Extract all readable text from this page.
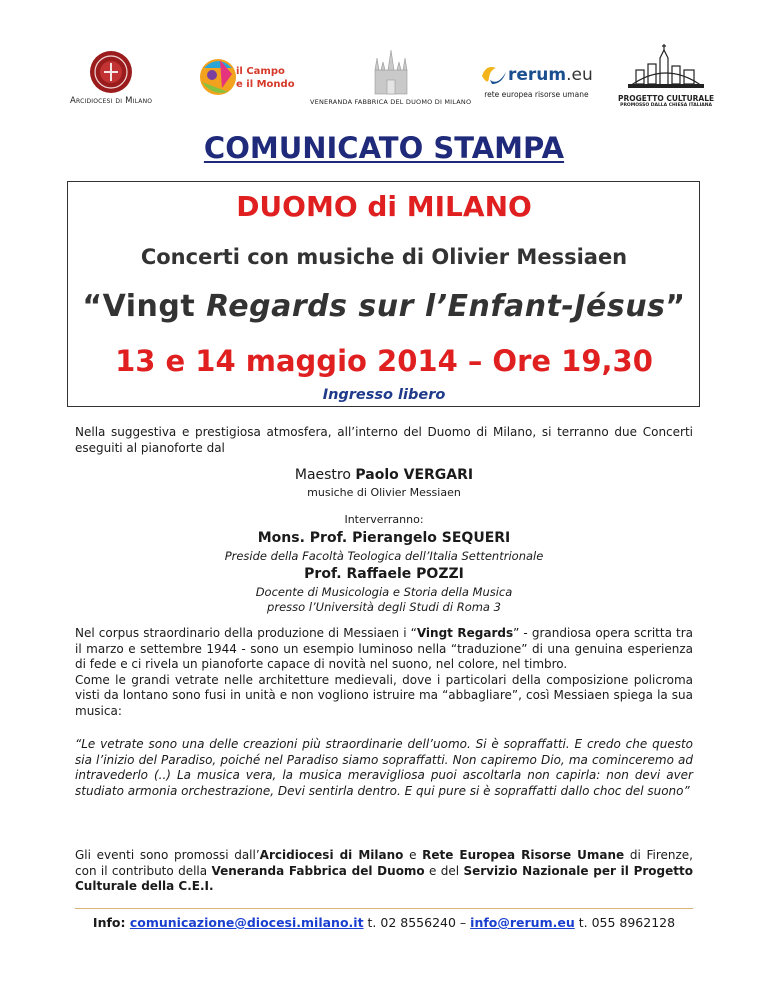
Arcidiocesi di Milano
il Campo
e il Mondo
VENERANDA FABBRICA DEL DUOMO DI MILANO
rerum.eu
rete europea risorse umane	PROGETTO CULTURALE
PROMOSSO DALLA CHIESA ITALIANA
COMUNICATO STAMPA
DUOMO di MILANO
Concerti con musiche di Olivier Messiaen
“Vingt Regards sur l’Enfant-Jésus”
13 e 14 maggio 2014 – Ore 19,30
Ingresso libero
Nella suggestiva e prestigiosa atmosfera, all’interno del Duomo di Milano, si terranno due Concerti eseguiti al pianoforte dal
Maestro Paolo VERGARI
musiche di Olivier Messiaen
Interverranno:
Mons. Prof. Pierangelo SEQUERI
Preside della Facoltà Teologica dell’Italia Settentrionale
Prof. Raffaele POZZI
Docente di Musicologia e Storia della Musica
presso l’Università degli Studi di Roma 3
Nel corpus straordinario della produzione di Messiaen i “Vingt Regards” - grandiosa opera scritta tra il marzo e settembre 1944 - sono un esempio luminoso nella “traduzione” di una genuina esperienza di fede e ci rivela un pianoforte capace di novità nel suono, nel colore, nel timbro.
Come le grandi vetrate nelle architetture medievali, dove i particolari della composizione policroma visti da lontano sono fusi in unità e non vogliono istruire ma “abbagliare”, così Messiaen spiega la sua musica:
“Le vetrate sono una delle creazioni più straordinarie dell’uomo. Si è sopraffatti. E credo che questo sia l’inizio del Paradiso, poiché nel Paradiso siamo sopraffatti. Non capiremo Dio, ma cominceremo ad intravederlo (..) La musica vera, la musica meravigliosa puoi ascoltarla non capirla: non devi aver studiato armonia orchestrazione, Devi sentirla dentro. E qui pure si è sopraffatti dallo choc del suono”
Gli eventi sono promossi dall’Arcidiocesi di Milano e Rete Europea Risorse Umane di Firenze, con il contributo della Veneranda Fabbrica del Duomo e del Servizio Nazionale per il Progetto Culturale della C.E.I.
Info: comunicazione@diocesi.milano.it t. 02 8556240 – info@rerum.eu t. 055 8962128
